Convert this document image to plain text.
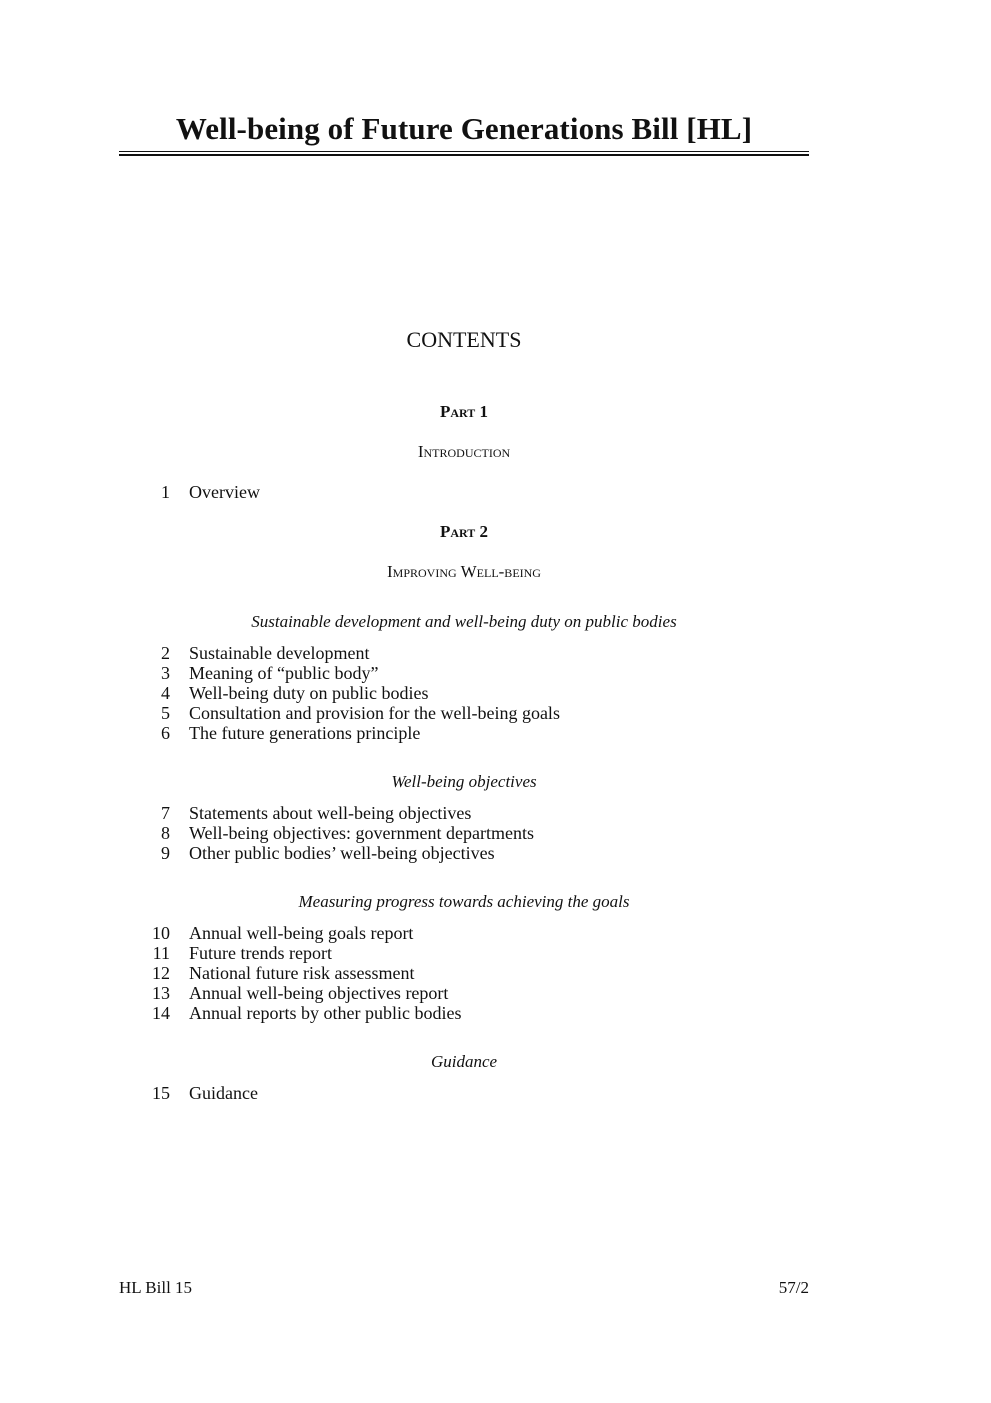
Well-being of Future Generations Bill [HL]
CONTENTS
Part 1
Introduction
1	Overview
Part 2
Improving Well-being
Sustainable development and well-being duty on public bodies
2	Sustainable development
3	Meaning of “public body”
4	Well-being duty on public bodies
5	Consultation and provision for the well-being goals
6	The future generations principle
Well-being objectives
7	Statements about well-being objectives
8	Well-being objectives: government departments
9	Other public bodies’ well-being objectives
Measuring progress towards achieving the goals
10	Annual well-being goals report
11	Future trends report
12	National future risk assessment
13	Annual well-being objectives report
14	Annual reports by other public bodies
Guidance
15	Guidance
HL Bill 15	57/2
